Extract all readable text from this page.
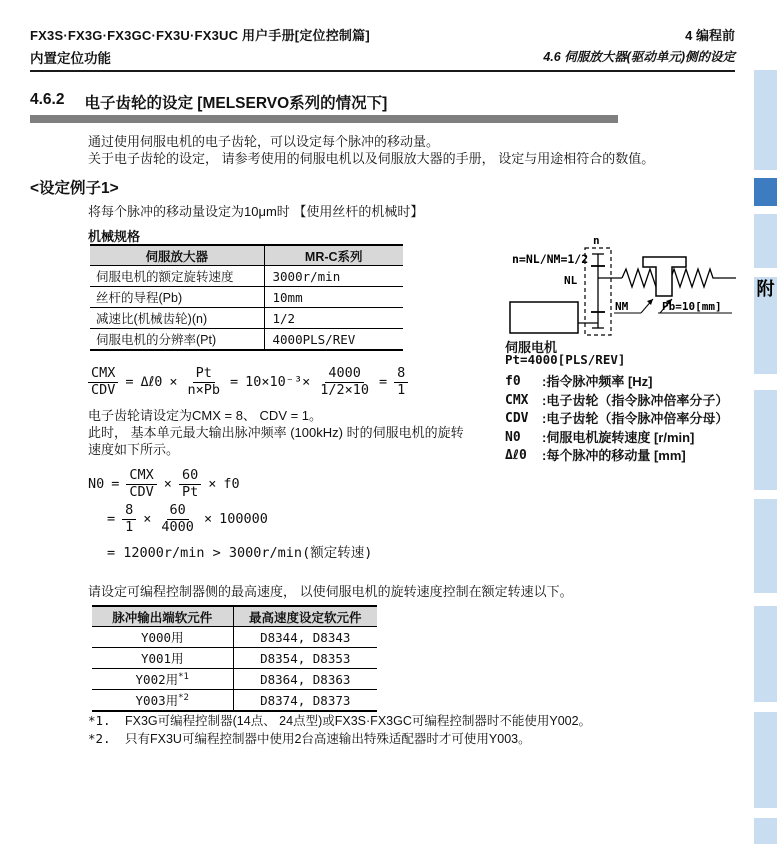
FX3S·FX3G·FX3GC·FX3U·FX3UC 用户手册[定位控制篇]
内置定位功能
4 编程前
4.6 伺服放大器(驱动单元)侧的设定
4.6.2 电子齿轮的设定 [MELSERVO系列的情况下]
通过使用伺服电机的电子齿轮，可以设定每个脉冲的移动量。
关于电子齿轮的设定， 请参考使用的伺服电机以及伺服放大器的手册， 设定与用途相符合的数值。
<设定例子1>
将每个脉冲的移动量设定为10μm时 【使用丝杆的机械时】
机械规格
伺服放大器	MR-C系列
伺服电机的额定旋转速度	3000r/min
丝杆的导程(Pb)	10mm
减速比(机械齿轮)(n)	1/2
伺服电机的分辨率(Pt)	4000PLS/REV
n
n=NL/NM=1/2
NL
NM	Pb=10[mm]
伺服电机
Pt=4000[PLS/REV]
$\frac{\text{CMX}}{\text{CDV}}$ = Δℓ0 × $\frac{Pt}{n\times Pb} = 10\times 10^{-3}\times \frac{4000}{1/2\times 10} = \frac{8}{1}$
电子齿轮请设定为CMX = 8、 CDV = 1。
此时， 基本单元最大输出脉冲频率 (100kHz) 时的伺服电机的旋转
速度如下所示。
f0	:指令脉冲频率 [Hz]
CMX	:电子齿轮（指令脉冲倍率分子）
CDV	:电子齿轮（指令脉冲倍率分母）
N0	:伺服电机旋转速度 [r/min]
Δℓ0	:每个脉冲的移动量 [mm]
$N0 = \frac{\text{CMX}}{\text{CDV}} \times \frac{60}{Pt} \times f0$
= $\frac{8}{1} \times \frac{60}{4000} \times 100000$
= 12000r/min > 3000r/min(额定转速)
请设定可编程控制器侧的最高速度， 以使伺服电机的旋转速度控制在额定转速以下。
脉冲输出端软元件	最高速度设定软元件
Y000用	D8344, D8343
Y001用	D8354, D8353
Y002用$^{*1}$	D8364, D8363
Y003用$^{*2}$	D8374, D8373
*1.	FX3G可编程控制器(14点、 24点型)或FX3S·FX3GC可编程控制器时不能使用Y002。
*2.	只有FX3U可编程控制器中使用2台高速输出特殊适配器时才可使用Y003。
附
